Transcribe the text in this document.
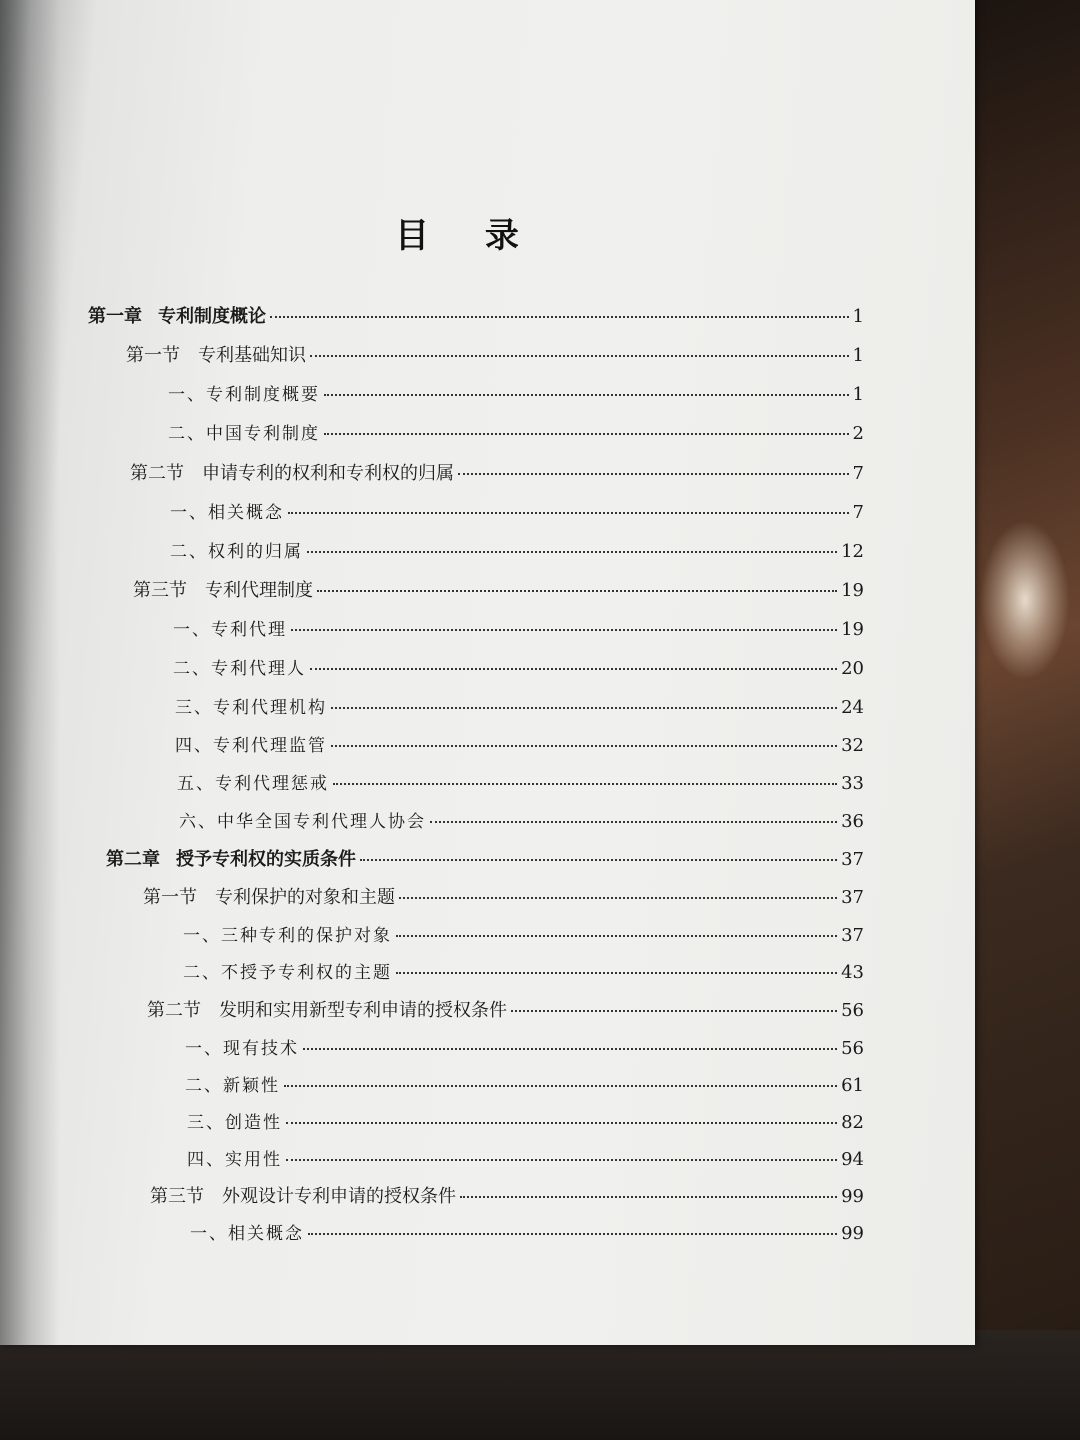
目 录
第一章 专利制度概论	1
第一节 专利基础知识	1
一、专利制度概要	1
二、中国专利制度	2
第二节 申请专利的权利和专利权的归属	7
一、相关概念	7
二、权利的归属	12
第三节 专利代理制度	19
一、专利代理	19
二、专利代理人	20
三、专利代理机构	24
四、专利代理监管	32
五、专利代理惩戒	33
六、中华全国专利代理人协会	36
第二章 授予专利权的实质条件	37
第一节 专利保护的对象和主题	37
一、三种专利的保护对象	37
二、不授予专利权的主题	43
第二节 发明和实用新型专利申请的授权条件	56
一、现有技术	56
二、新颖性	61
三、创造性	82
四、实用性	94
第三节 外观设计专利申请的授权条件	99
一、相关概念	99
